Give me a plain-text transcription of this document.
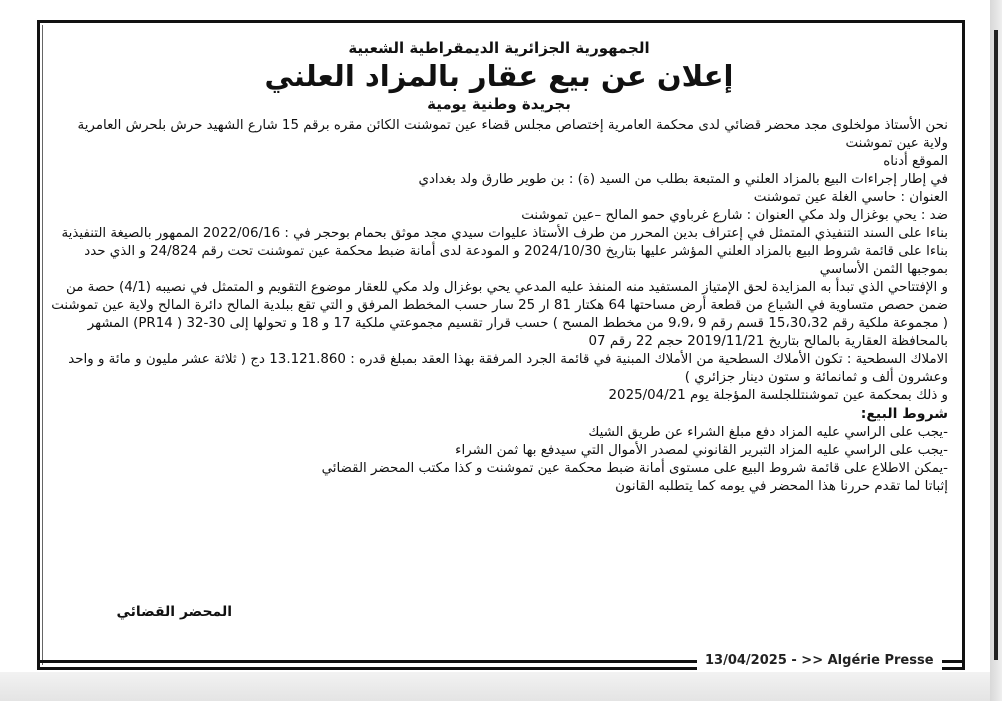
الجمهورية الجزائرية الديمقراطية الشعبية

إعلان عن بيع عقار بالمزاد العلني

بجريدة وطنية يومية

نحن الأستاذ مولخلوى مجد محضر قضائي لدى محكمة العامرية إختصاص مجلس قضاء عين تموشنت الكائن مقره برقم 15 شارع الشهيد حرش بلحرش العامرية ولاية عين تموشنت

الموقع أدناه

في إطار إجراءات البيع بالمزاد العلني و المتبعة بطلب من السيد (ة) : بن طوير طارق ولد بغدادي

العنوان : حاسي الغلة عين تموشنت

ضد : يحي بوغزال ولد مكي العنوان : شارع غرباوي حمو المالح –عين تموشنت

بناءا على السند التنفيذي المتمثل في إعتراف بدين المحرر من طرف الأستاذ عليوات سيدي مجد موثق بحمام بوحجر في : 2022/06/16 الممهور بالصيغة التنفيذية

بناءا على قائمة شروط البيع بالمزاد العلني المؤشر عليها بتاريخ 2024/10/30 و المودعة لدى أمانة ضبط محكمة عين تموشنت تحت رقم 24/824 و الذي حدد بموجبها الثمن الأساسي

و الإفتتاحي الذي تبدأ به المزايدة لحق الإمتياز المستفيد منه المنفذ عليه المدعي يحي بوغزال ولد مكي للعقار موضوع التقويم و المتمثل في نصيبه (4/1) حصة من ضمن حصص متساوية في الشياع من قطعة أرض مساحتها 64 هكتار 81 ار 25 سار حسب المخطط المرفق و التي تقع ببلدية المالح دائرة المالح ولاية عين تموشنت ( مجموعة ملكية رقم 15،30،32 قسم رقم 9 ،9،9 من مخطط المسح ) حسب قرار تقسيم مجموعتي ملكية 17 و 18 و تحولها إلى 30-32 ( PR14) المشهر بالمحافظة العقارية بالمالح بتاريخ 2019/11/21 حجم 22 رقم 07

الاملاك السطحية : تكون الأملاك السطحية من الأملاك المبنية في قائمة الجرد المرفقة بهذا العقد بمبلغ قدره : 13.121.860 دج ( ثلاثة عشر مليون و مائة و واحد وعشرون ألف و ثمانمائة و ستون دينار جزائري )

و ذلك بمحكمة عين تموشنتللجلسة المؤجلة يوم 2025/04/21

شروط البيع:

-يجب على الراسي عليه المزاد دفع مبلغ الشراء عن طريق الشيك

-يجب على الراسي عليه المزاد التبرير القانوني لمصدر الأموال التي سيدفع بها ثمن الشراء

-يمكن الاطلاع على قائمة شروط البيع على مستوى أمانة ضبط محكمة عين تموشنت و كذا مكتب المحضر القضائي

إثباتا لما تقدم حررنا هذا المحضر في يومه كما يتطلبه القانون

المحضر القضائي
13/04/2025 - >> Algérie Presse
